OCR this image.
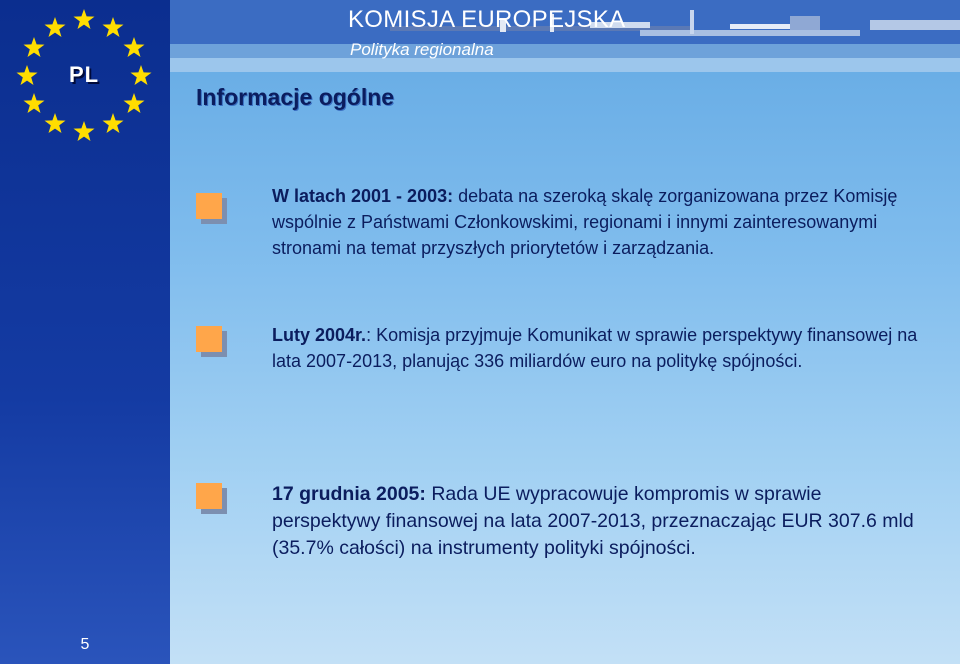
PL
5
KOMISJA EUROPEJSKA
Polityka regionalna
Informacje ogólne
W latach 2001 - 2003: debata na szeroką skalę zorganizowana przez Komisję wspólnie z Państwami Członkowskimi, regionami i innymi zainteresowanymi stronami na temat przyszłych priorytetów i zarządzania.
Luty 2004r.: Komisja przyjmuje Komunikat w sprawie perspektywy finansowej na lata 2007-2013, planując 336 miliardów euro na politykę spójności.
17 grudnia 2005: Rada UE wypracowuje kompromis w sprawie perspektywy finansowej na lata 2007-2013, przeznaczając EUR 307.6 mld (35.7% całości) na instrumenty polityki spójności.
